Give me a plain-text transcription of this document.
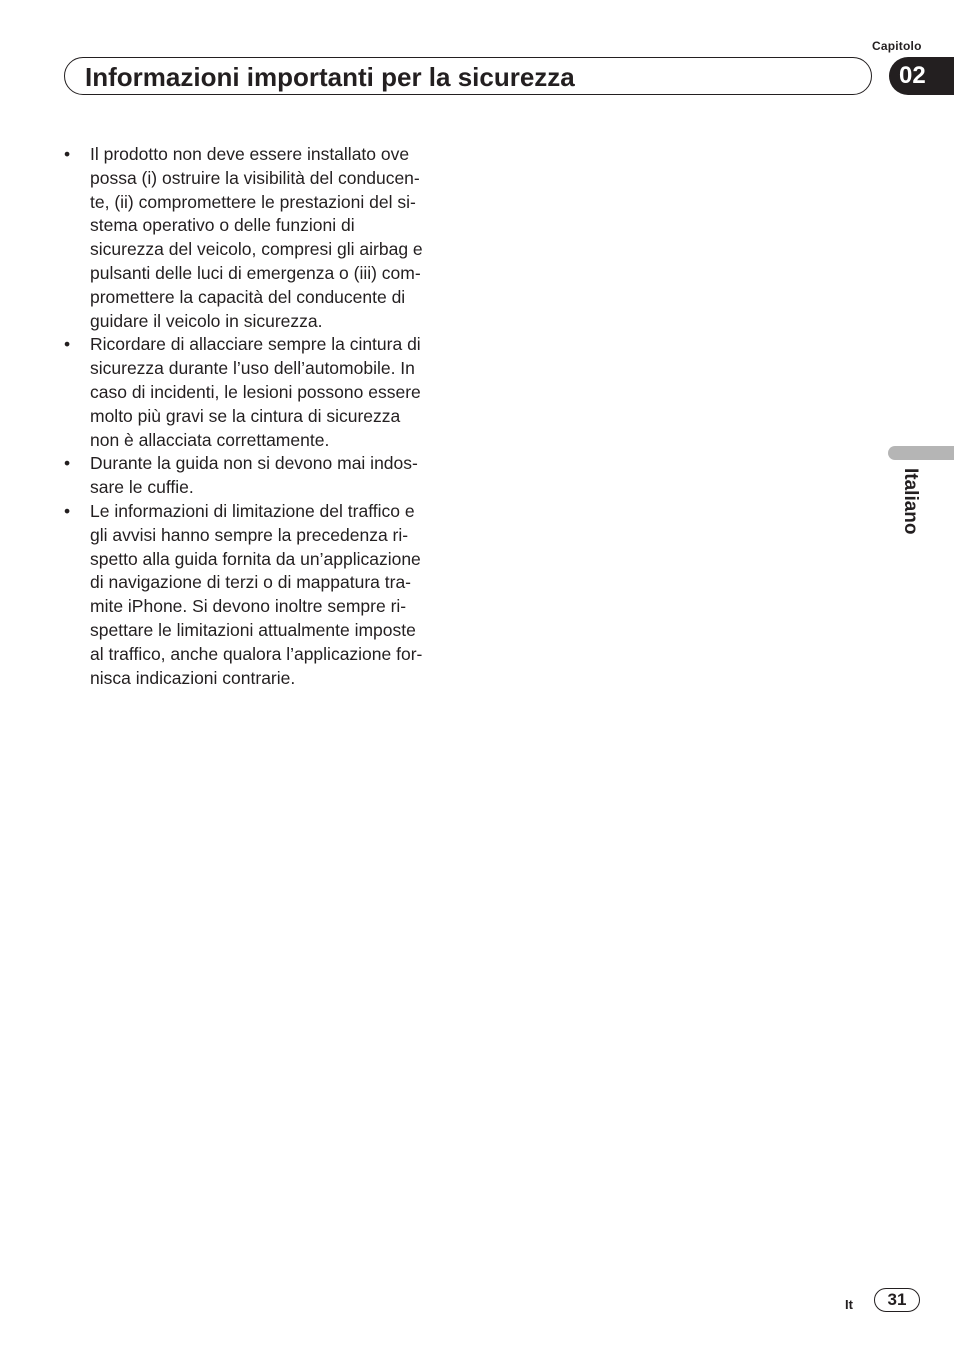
Capitolo
Informazioni importanti per la sicurezza	02
• Il prodotto non deve essere installato ove
possa (i) ostruire la visibilità del conducen-
te, (ii) compromettere le prestazioni del si-
stema operativo o delle funzioni di
sicurezza del veicolo, compresi gli airbag e
pulsanti delle luci di emergenza o (iii) com-
promettere la capacità del conducente di
guidare il veicolo in sicurezza.
• Ricordare di allacciare sempre la cintura di
sicurezza durante l’uso dell’automobile. In
caso di incidenti, le lesioni possono essere
molto più gravi se la cintura di sicurezza
non è allacciata correttamente.
• Durante la guida non si devono mai indos-
sare le cuffie.
• Le informazioni di limitazione del traffico e
gli avvisi hanno sempre la precedenza ri-
spetto alla guida fornita da un’applicazione
di navigazione di terzi o di mappatura tra-
mite iPhone. Si devono inoltre sempre ri-
spettare le limitazioni attualmente imposte
al traffico, anche qualora l’applicazione for-
nisca indicazioni contrarie.
Italiano
It	31
